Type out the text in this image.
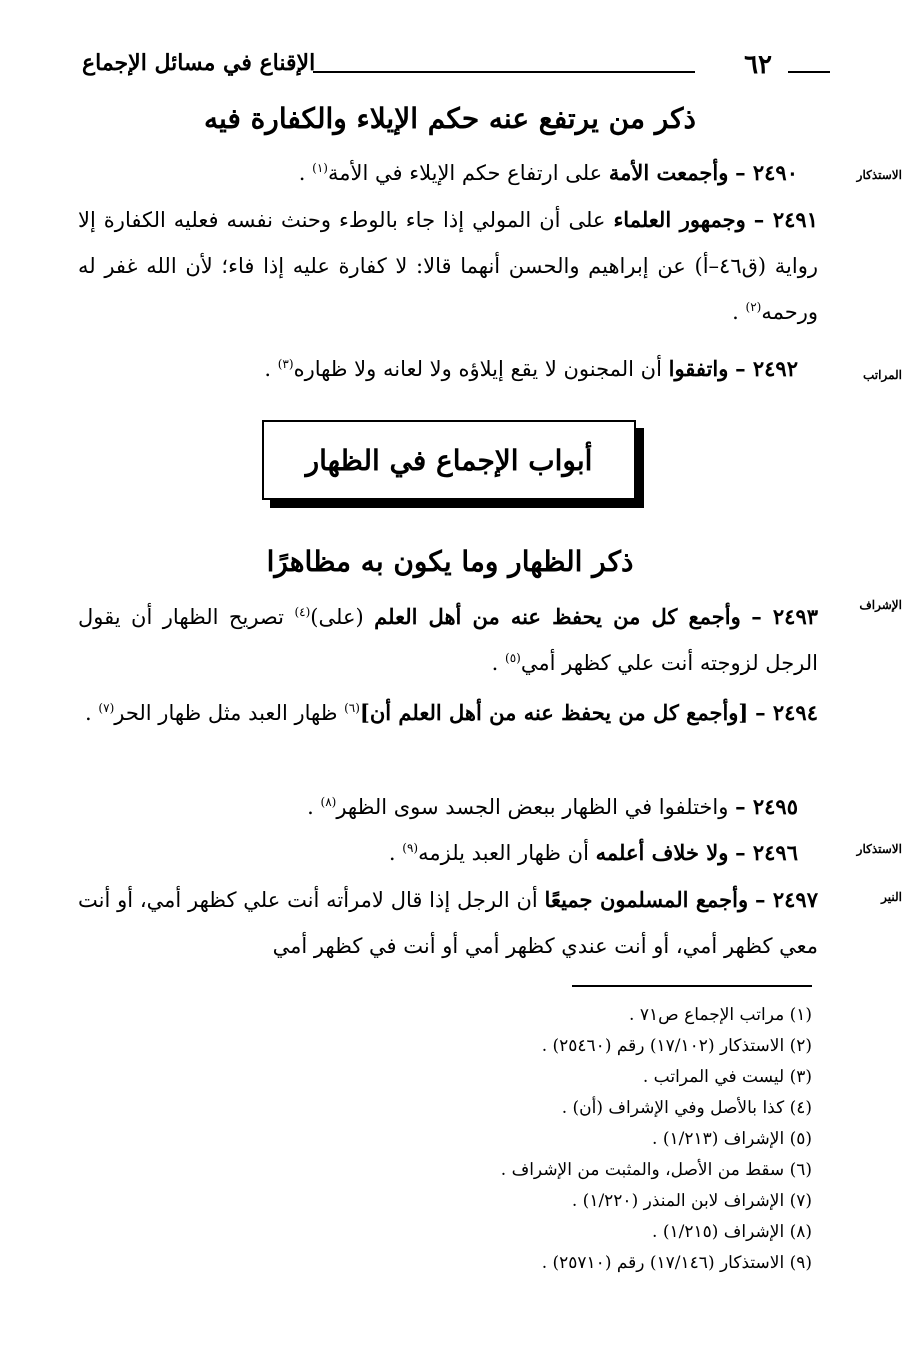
٦٢
الإقناع في مسائل الإجماع
ذكر من يرتفع عنه حكم الإيلاء والكفارة فيه
الاستذكار
٢٤٩٠ – وأجمعت الأمة على ارتفاع حكم الإيلاء في الأمة$^{(١)}$ .
٢٤٩١ – وجمهور العلماء على أن المولي إذا جاء بالوطء وحنث نفسه فعليه الكفارة إلا رواية (ق٤٦–أ) عن إبراهيم والحسن أنهما قالا: لا كفارة عليه إذا فاء؛ لأن الله غفر له ورحمه$^{(٢)}$ .
المراتب
٢٤٩٢ – واتفقوا أن المجنون لا يقع إيلاؤه ولا لعانه ولا ظهاره$^{(٣)}$ .
أبواب الإجماع في الظهار
ذكر الظهار وما يكون به مظاهرًا
الإشراف
٢٤٩٣ – وأجمع كل من يحفظ عنه من أهل العلم (على)$^{(٤)}$ تصريح الظهار أن يقول الرجل لزوجته أنت علي كظهر أمي$^{(٥)}$ .
٢٤٩٤ – [وأجمع كل من يحفظ عنه من أهل العلم أن]$^{(٦)}$ ظهار العبد مثل ظهار الحر$^{(٧)}$ .
٢٤٩٥ – واختلفوا في الظهار ببعض الجسد سوى الظهر$^{(٨)}$ .
الاستذكار
٢٤٩٦ – ولا خلاف أعلمه أن ظهار العبد يلزمه$^{(٩)}$ .
النير
٢٤٩٧ – وأجمع المسلمون جميعًا أن الرجل إذا قال لامرأته أنت علي كظهر أمي، أو أنت معي كظهر أمي، أو أنت عندي كظهر أمي أو أنت في كظهر أمي
(١) مراتب الإجماع ص٧١ .
(٢) الاستذكار (١٧/١٠٢) رقم (٢٥٤٦٠) .
(٣) ليست في المراتب .
(٤) كذا بالأصل وفي الإشراف (أن) .
(٥) الإشراف (١/٢١٣) .
(٦) سقط من الأصل، والمثبت من الإشراف .
(٧) الإشراف لابن المنذر (١/٢٢٠) .
(٨) الإشراف (١/٢١٥) .
(٩) الاستذكار (١٧/١٤٦) رقم (٢٥٧١٠) .
